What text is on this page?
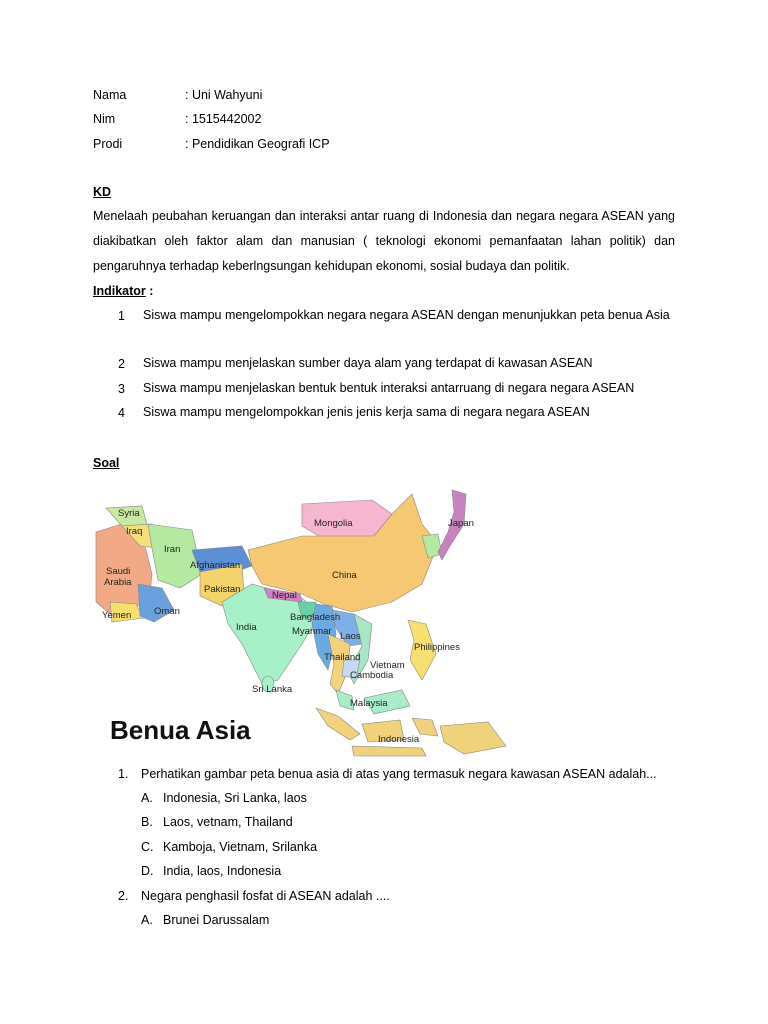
Nama	: Uni Wahyuni
Nim	: 1515442002
Prodi	: Pendidikan Geografi ICP
KD
Menelaah peubahan keruangan dan interaksi antar ruang di Indonesia dan negara negara ASEAN yang diakibatkan oleh faktor alam dan manusian ( teknologi ekonomi pemanfaatan lahan politik) dan pengaruhnya terhadap keberlngsungan kehidupan ekonomi, sosial budaya dan politik.
Indikator :
1 Siswa mampu mengelompokkan negara negara ASEAN dengan menunjukkan peta benua Asia
2 Siswa mampu menjelaskan sumber daya alam yang terdapat di kawasan ASEAN
3 Siswa mampu menjelaskan bentuk bentuk interaksi antarruang di negara negara ASEAN
4 Siswa mampu mengelompokkan jenis jenis kerja sama di negara negara ASEAN
Soal
Syria
Iraq
Iran
Saudi
Arabia
Yemen Oman
Afghanistan
Pakistan
India
Sri Lanka
Nepal
Bangladesh
Myanmar
Mongolia
China
Japan
Laos
Thailand
Vietnam
Cambodia
Philippines
Malaysia
Indonesia
Benua Asia
1. Perhatikan gambar peta benua asia di atas yang termasuk negara kawasan ASEAN adalah...
A. Indonesia, Sri Lanka, laos
B. Laos, vetnam, Thailand
C. Kamboja, Vietnam, Srilanka
D. India, laos, Indonesia
2. Negara penghasil fosfat di ASEAN adalah ....
A. Brunei Darussalam
